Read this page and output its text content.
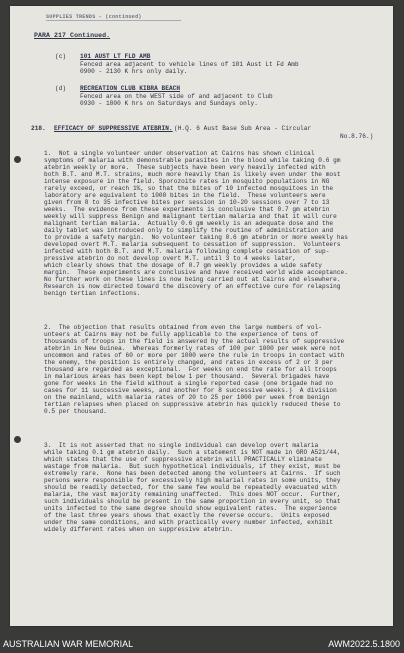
SUPPLIES TRENDS - (continued)
PARA 217 Continued.
(c) 101 AUST LT FLD AMB
Fenced area adjacent to vehicle lines of 101 Aust Lt Fd Amb
0900 - 2130 K hrs only daily.
(d) RECREATION CLUB KIBRA BEACH
Fenced area on the WEST side of and adjacent to Club
0930 - 1800 K hrs on Saturdays and Sundays only.
218. EFFICACY OF SUPPRESSIVE ATEBRIN. (H.Q. 6 Aust Base Sub Area - Circular
No.8.76.)
1.  Not a single volunteer under observation at Cairns has shown clinical
symptoms of malaria with demonstrable parasites in the blood while taking 0.6 gm
atebrin weekly or more.  These subjects have been very heavily infected with
both B.T. and M.T. strains, much more heavily than is likely even under the most
intense exposure in the field. Sporozoite rates in mosquito populations in NG
rarely exceed, or reach 1%, so that the bites of 10 infected mosquitoes in the
laboratory are equivalent to 1000 bites in the field.  These volunteers were
given from 8 to 35 infective bites per session in 10-20 sessions over 7 to 13
weeks.  The evidence from these experiments is conclusive that 0.7 gm atebrin
weekly will suppress Benign and malignant tertian malaria and that it will cure
malignant tertian malaria.  Actually 0.6 gm weekly is an adequate dose and the
daily tablet was introduced only to simplify the routine of administration and
to provide a safety margin.  No volunteer taking 0.6 gm atebrin or more weekly has
developed overt M.T. malaria subsequent to cessation of suppression.  Volunteers
infected with both B.T. and M.T. malaria following complete cessation of sup-
pressive atebrin do not develop overt M.T. until 3 to 4 weeks later,
which clearly shows that the dosage of 0.7 gm weekly provides a wide safety
margin.  These experiments are conclusive and have received world wide acceptance.
No further work on these lines is now being carried out at Cairns and elsewhere.
Research is now directed toward the discovery of an effective cure for relapsing
benign tertian infections.
2.  The objection that results obtained from even the large numbers of vol-
unteers at Cairns may not be fully applicable to the experience of tens of
thousands of troops in the field is answered by the actual results of suppressive
atebrin in New Guinea.  Whereas formerly rates of 100 per 1000 per week were not
uncommon and rates of 60 or more per 1000 were the rule in troops in contact with
the enemy, the position is entirely changed, and rates in excess of 2 or 3 per
thousand are regarded as exceptional.  For weeks on end the rate for all troops
in malarious areas has been kept below 1 per thousand.  Several brigades have
gone for weeks in the field without a single reported case (one brigade had no
cases for 11 successive weeks, and another for 8 successive weeks.)  A division
on the mainland, with malaria rates of 20 to 25 per 1000 per week from benign
tertian relapses when placed on suppressive atebrin has quickly reduced these to
0.5 per thousand.
3.  It is not asserted that no single individual can develop overt malaria
while taking 0.1 gm atebrin daily.  Such a statement is NOT made in GRO A521/44,
which states that the use of suppressive atebrin will PRACTICALLY eliminate
wastage from malaria.  But such hypothetical individuals, if they exist, must be
extremely rare.  None has been detected among the volunteers at Cairns.  If such
persons were responsible for excessively high malarial rates in some units, they
should be readily detected, for the same few would be repeatedly evacuated with
malaria, the vast majority remaining unaffected.  This does NOT occur.  Further,
such individuals should be present in the same proportion in every unit, so that
units infected to the same degree should show equivalent rates.  The experience
of the last three years shows that exactly the reverse occurs.  Units exposed
under the same conditions, and with practically every number infected, exhibit
widely different rates when on suppressive atebrin.
AUSTRALIAN WAR MEMORIAL	AWM2022.5.1800
